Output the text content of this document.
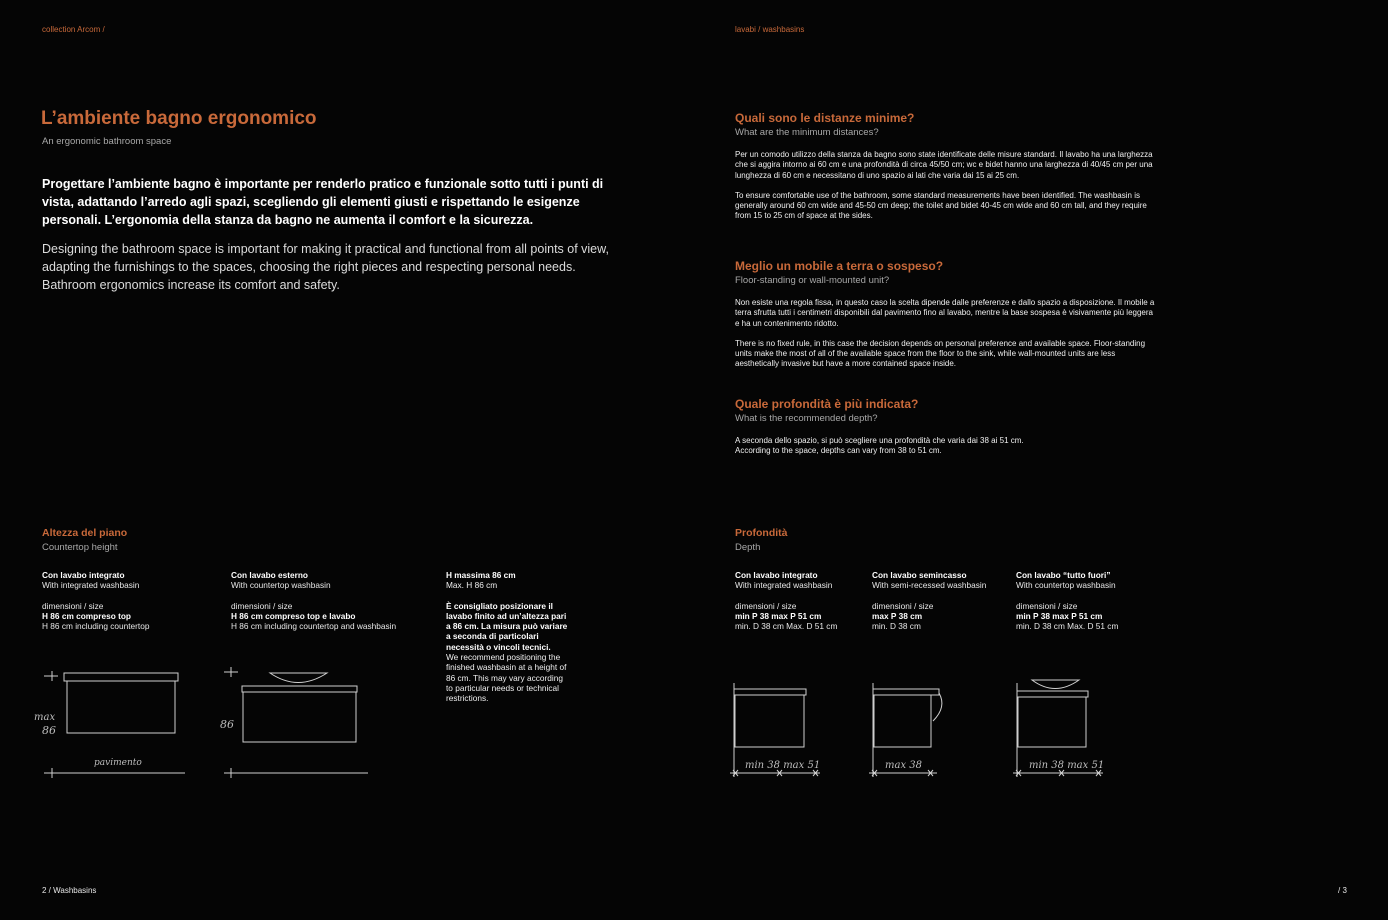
collection Arcom /
L’ambiente bagno ergonomico
An ergonomic bathroom space
Progettare l’ambiente bagno è importante per renderlo pratico e funzionale sotto tutti i punti di vista, adattando l’arredo agli spazi, scegliendo gli elementi giusti e rispettando le esigenze personali. L’ergonomia della stanza da bagno ne aumenta il comfort e la sicurezza.
Designing the bathroom space is important for making it practical and functional from all points of view, adapting the furnishings to the spaces, choosing the right pieces and respecting personal needs. Bathroom ergonomics increase its comfort and safety.
Altezza del piano
Countertop height
Con lavabo integrato
With integrated washbasin
dimensioni / size
H 86 cm compreso top
H 86 cm including countertop
Con lavabo esterno
With countertop washbasin
dimensioni / size
H 86 cm compreso top e lavabo
H 86 cm including countertop and washbasin
H massima 86 cm
Max. H 86 cm
È consigliato posizionare il lavabo finito ad un’altezza pari a 86 cm. La misura può variare a seconda di particolari necessità o vincoli tecnici.
We recommend positioning the finished washbasin at a height of 86 cm. This may vary according to particular needs or technical restrictions.
max
86
pavimento
86
2 / Washbasins
lavabi / washbasins
Quali sono le distanze minime?
What are the minimum distances?
Per un comodo utilizzo della stanza da bagno sono state identificate delle misure standard. Il lavabo ha una larghezza che si aggira intorno ai 60 cm e una profondità di circa 45/50 cm; wc e bidet hanno una larghezza di 40/45 cm per una lunghezza di 60 cm e necessitano di uno spazio ai lati che varia dai 15 ai 25 cm.
To ensure comfortable use of the bathroom, some standard measurements have been identified. The washbasin is generally around 60 cm wide and 45-50 cm deep; the toilet and bidet 40-45 cm wide and 60 cm tall, and they require from 15 to 25 cm of space at the sides.
Meglio un mobile a terra o sospeso?
Floor-standing or wall-mounted unit?
Non esiste una regola fissa, in questo caso la scelta dipende dalle preferenze e dallo spazio a disposizione. Il mobile a terra sfrutta tutti i centimetri disponibili dal pavimento fino al lavabo, mentre la base sospesa è visivamente più leggera e ha un contenimento ridotto.
There is no fixed rule, in this case the decision depends on personal preference and available space. Floor-standing units make the most of all of the available space from the floor to the sink, while wall-mounted units are less aesthetically invasive but have a more contained space inside.
Quale profondità è più indicata?
What is the recommended depth?
A seconda dello spazio, si può scegliere una profondità che varia dai 38 ai 51 cm.
According to the space, depths can vary from 38 to 51 cm.
Profondità
Depth
Con lavabo integrato
With integrated washbasin
dimensioni / size
min P 38 max P 51 cm
min. D 38 cm Max. D 51 cm
Con lavabo semincasso
With semi-recessed washbasin
dimensioni / size
max P 38 cm
min. D 38 cm
Con lavabo “tutto fuori”
With countertop washbasin
dimensioni / size
min P 38 max P 51 cm
min. D 38 cm Max. D 51 cm
min 38 max 51	max 38	min 38 max 51
/ 3
